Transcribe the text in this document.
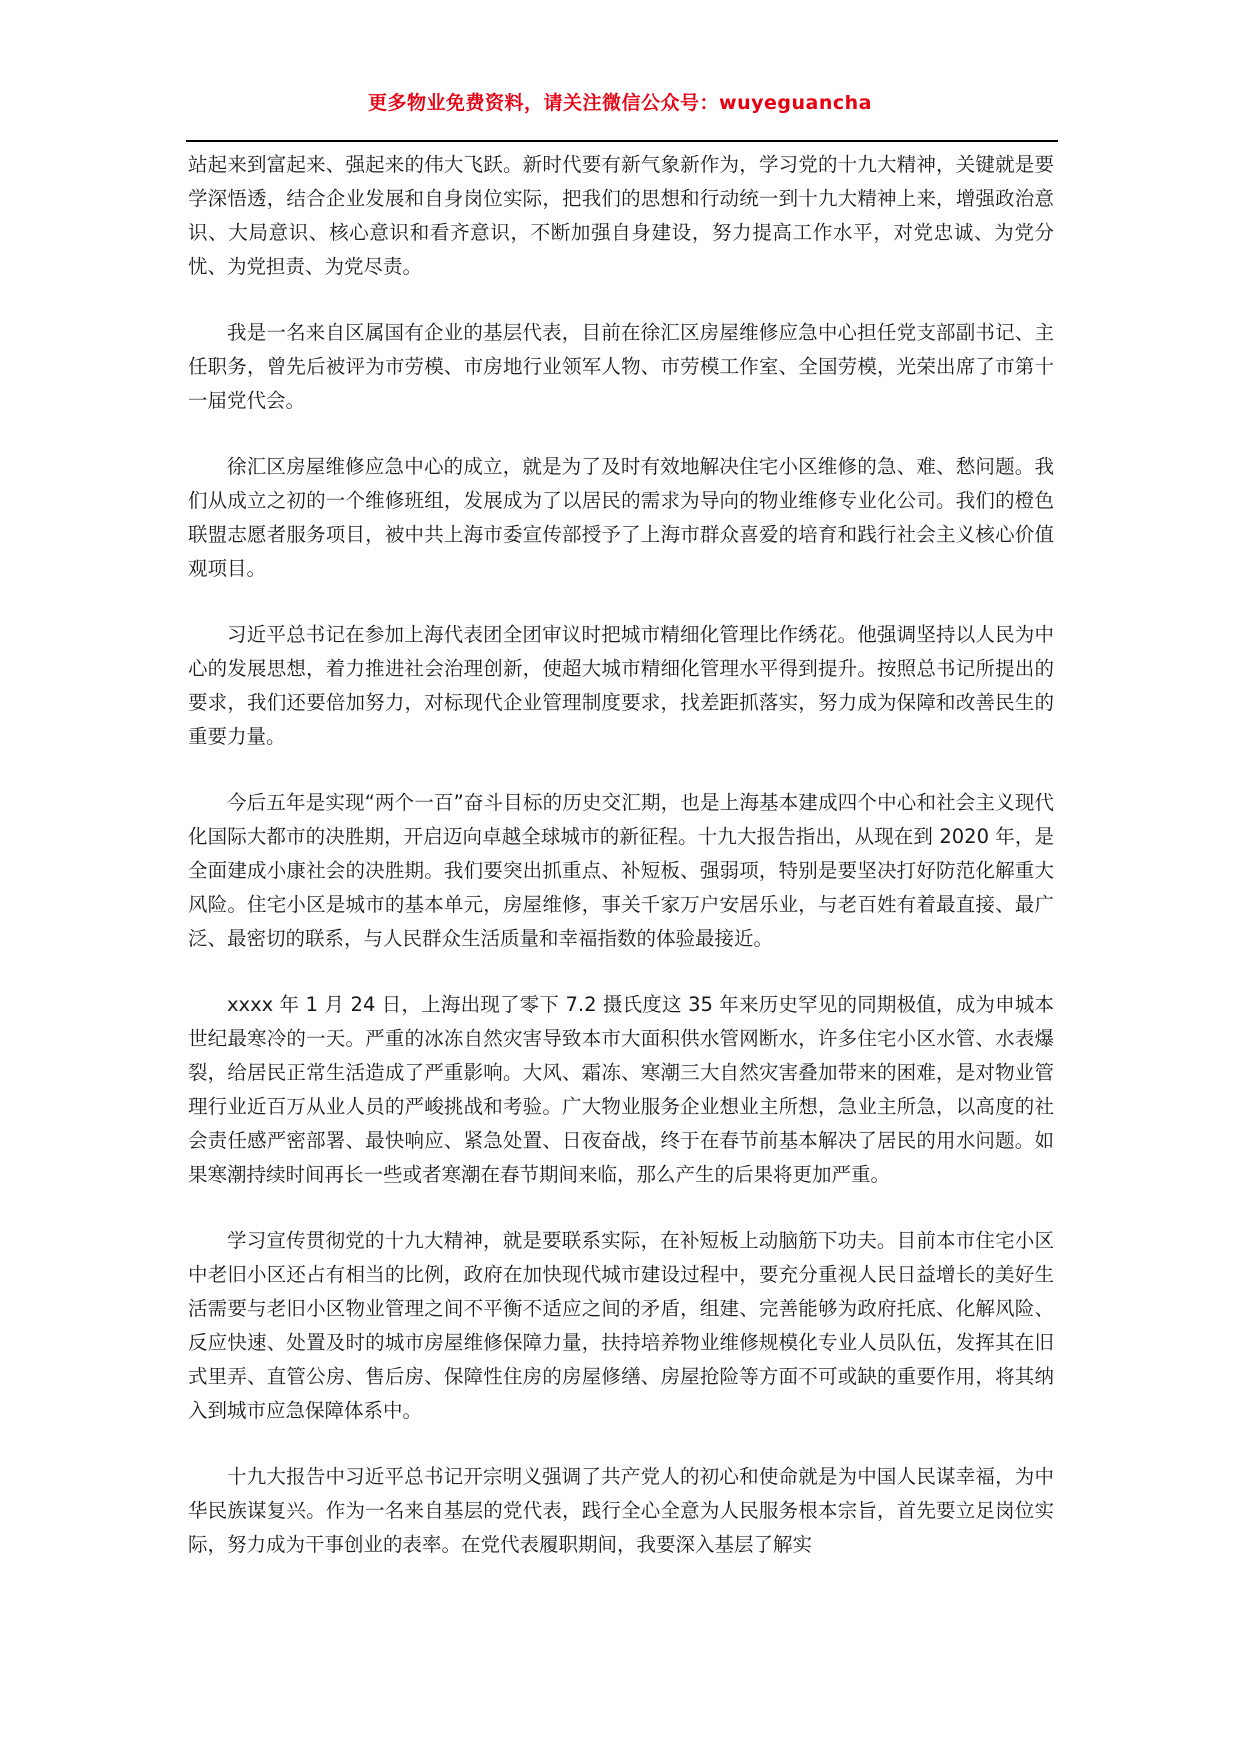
更多物业免费资料，请关注微信公众号：wuyeguancha

站起来到富起来、强起来的伟大飞跃。新时代要有新气象新作为，学习党的十九大精神，关键就是要学深悟透，结合企业发展和自身岗位实际，把我们的思想和行动统一到十九大精神上来，增强政治意识、大局意识、核心意识和看齐意识，不断加强自身建设，努力提高工作水平，对党忠诚、为党分忧、为党担责、为党尽责。

我是一名来自区属国有企业的基层代表，目前在徐汇区房屋维修应急中心担任党支部副书记、主任职务，曾先后被评为市劳模、市房地行业领军人物、市劳模工作室、全国劳模，光荣出席了市第十一届党代会。

徐汇区房屋维修应急中心的成立，就是为了及时有效地解决住宅小区维修的急、难、愁问题。我们从成立之初的一个维修班组，发展成为了以居民的需求为导向的物业维修专业化公司。我们的橙色联盟志愿者服务项目，被中共上海市委宣传部授予了上海市群众喜爱的培育和践行社会主义核心价值观项目。

习近平总书记在参加上海代表团全团审议时把城市精细化管理比作绣花。他强调坚持以人民为中心的发展思想，着力推进社会治理创新，使超大城市精细化管理水平得到提升。按照总书记所提出的要求，我们还要倍加努力，对标现代企业管理制度要求，找差距抓落实，努力成为保障和改善民生的重要力量。

今后五年是实现“两个一百”奋斗目标的历史交汇期，也是上海基本建成四个中心和社会主义现代化国际大都市的决胜期，开启迈向卓越全球城市的新征程。十九大报告指出，从现在到 2020 年，是全面建成小康社会的决胜期。我们要突出抓重点、补短板、强弱项，特别是要坚决打好防范化解重大风险。住宅小区是城市的基本单元，房屋维修，事关千家万户安居乐业，与老百姓有着最直接、最广泛、最密切的联系，与人民群众生活质量和幸福指数的体验最接近。

xxxx 年 1 月 24 日，上海出现了零下 7.2 摄氏度这 35 年来历史罕见的同期极值，成为申城本世纪最寒冷的一天。严重的冰冻自然灾害导致本市大面积供水管网断水，许多住宅小区水管、水表爆裂，给居民正常生活造成了严重影响。大风、霜冻、寒潮三大自然灾害叠加带来的困难，是对物业管理行业近百万从业人员的严峻挑战和考验。广大物业服务企业想业主所想，急业主所急，以高度的社会责任感严密部署、最快响应、紧急处置、日夜奋战，终于在春节前基本解决了居民的用水问题。如果寒潮持续时间再长一些或者寒潮在春节期间来临，那么产生的后果将更加严重。

学习宣传贯彻党的十九大精神，就是要联系实际，在补短板上动脑筋下功夫。目前本市住宅小区中老旧小区还占有相当的比例，政府在加快现代城市建设过程中，要充分重视人民日益增长的美好生活需要与老旧小区物业管理之间不平衡不适应之间的矛盾，组建、完善能够为政府托底、化解风险、反应快速、处置及时的城市房屋维修保障力量，扶持培养物业维修规模化专业人员队伍，发挥其在旧式里弄、直管公房、售后房、保障性住房的房屋修缮、房屋抢险等方面不可或缺的重要作用，将其纳入到城市应急保障体系中。

十九大报告中习近平总书记开宗明义强调了共产党人的初心和使命就是为中国人民谋幸福，为中华民族谋复兴。作为一名来自基层的党代表，践行全心全意为人民服务根本宗旨，首先要立足岗位实际，努力成为干事创业的表率。在党代表履职期间，我要深入基层了解实
